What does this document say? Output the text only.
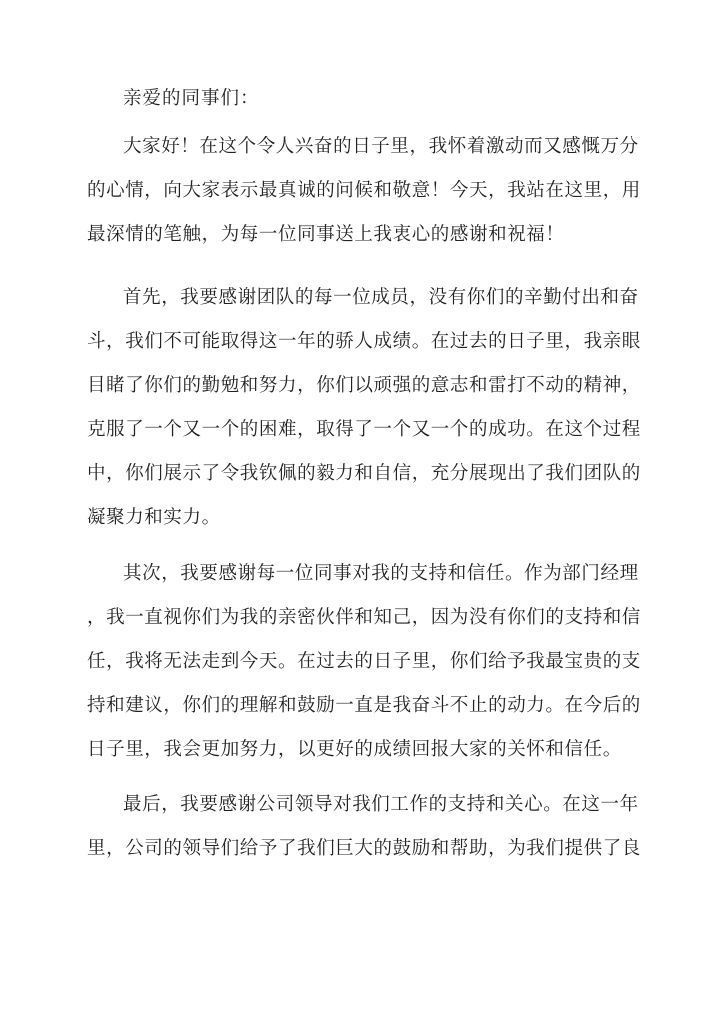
亲爱的同事们：

大家好！在这个令人兴奋的日子里，我怀着激动而又感慨万分
的心情，向大家表示最真诚的问候和敬意！今天，我站在这里，用
最深情的笔触，为每一位同事送上我衷心的感谢和祝福！

首先，我要感谢团队的每一位成员，没有你们的辛勤付出和奋
斗，我们不可能取得这一年的骄人成绩。在过去的日子里，我亲眼
目睹了你们的勤勉和努力，你们以顽强的意志和雷打不动的精神，
克服了一个又一个的困难，取得了一个又一个的成功。在这个过程
中，你们展示了令我钦佩的毅力和自信，充分展现出了我们团队的
凝聚力和实力。

其次，我要感谢每一位同事对我的支持和信任。作为部门经理
，我一直视你们为我的亲密伙伴和知己，因为没有你们的支持和信
任，我将无法走到今天。在过去的日子里，你们给予我最宝贵的支
持和建议，你们的理解和鼓励一直是我奋斗不止的动力。在今后的
日子里，我会更加努力，以更好的成绩回报大家的关怀和信任。

最后，我要感谢公司领导对我们工作的支持和关心。在这一年
里，公司的领导们给予了我们巨大的鼓励和帮助，为我们提供了良
